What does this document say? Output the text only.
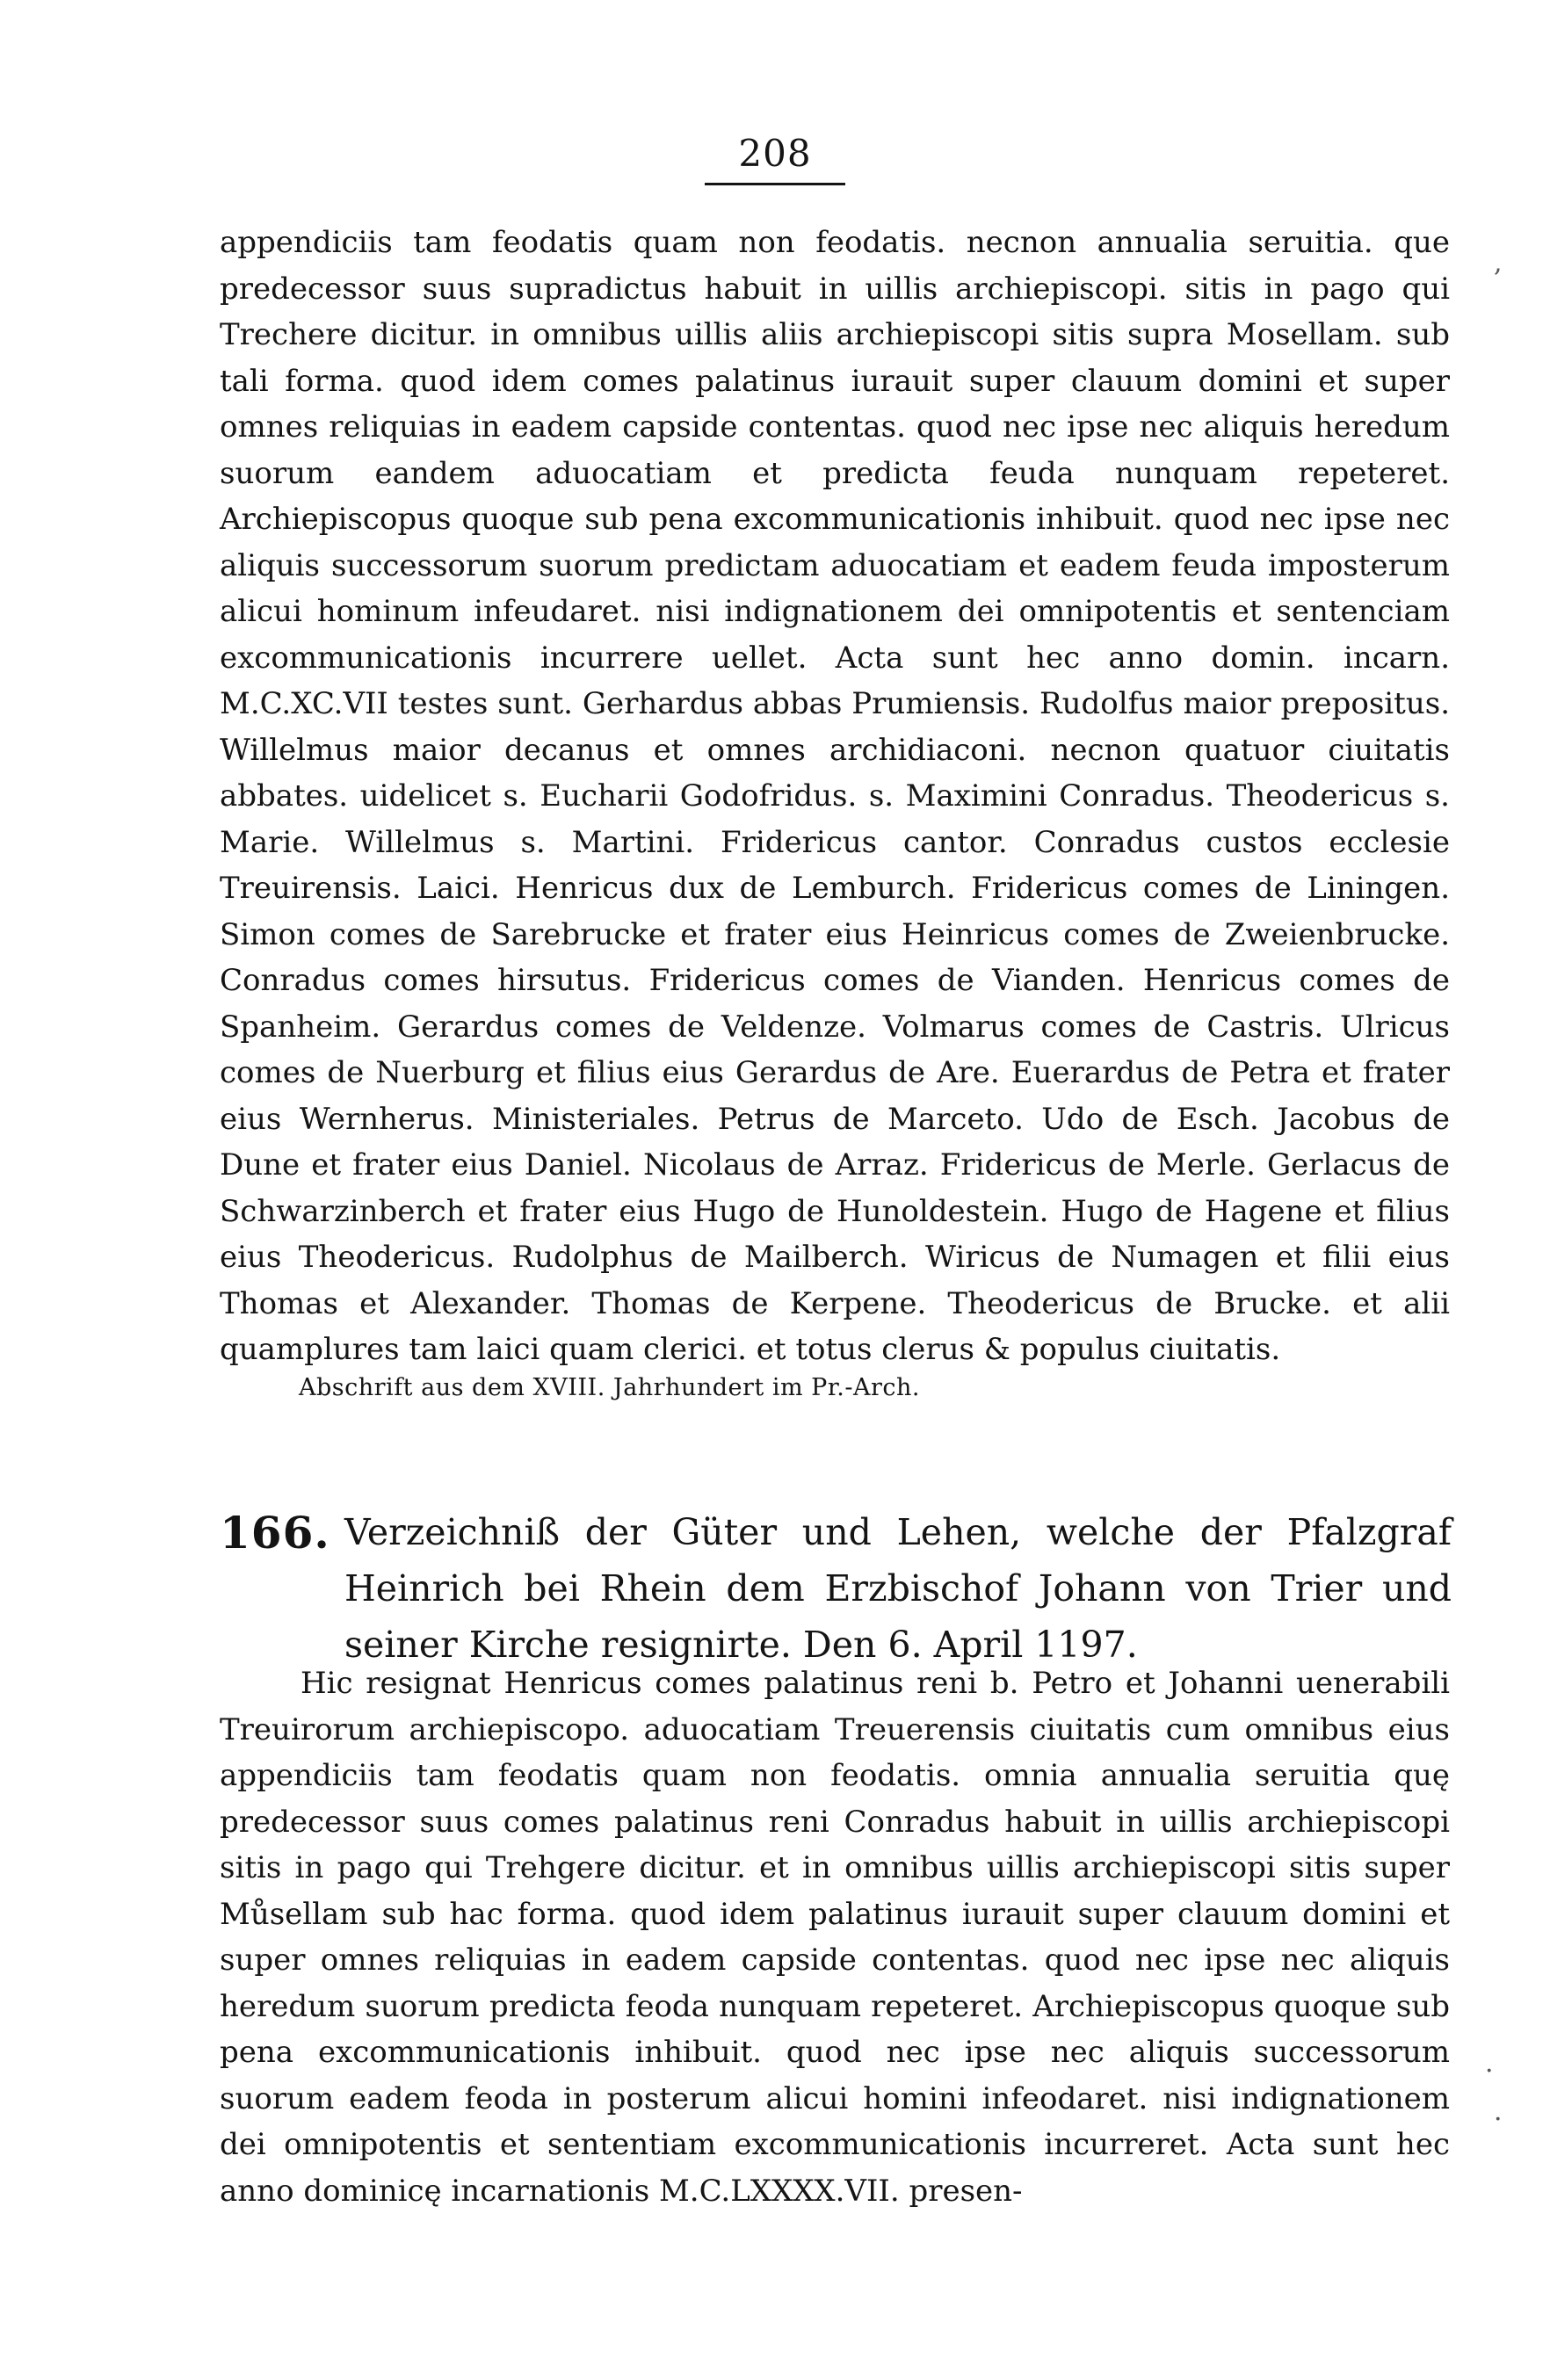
208
appendiciis tam feodatis quam non feodatis. necnon annualia seruitia. que predecessor suus supradictus habuit in uillis archiepiscopi. sitis in pago qui Trechere dicitur. in omnibus uillis aliis archiepiscopi sitis supra Mosellam. sub tali forma. quod idem comes palatinus iurauit super clauum domini et super omnes reliquias in eadem capside contentas. quod nec ipse nec aliquis heredum suorum eandem aduocatiam et predicta feuda nunquam repeteret. Archiepiscopus quoque sub pena excommunicationis inhibuit. quod nec ipse nec aliquis successorum suorum predictam aduocatiam et eadem feuda imposterum alicui hominum infeudaret. nisi indignationem dei omnipotentis et sentenciam excommunicationis incurrere uellet. Acta sunt hec anno domin. incarn. M.C.XC.VII testes sunt. Gerhardus abbas Prumiensis. Rudolfus maior prepositus. Willelmus maior decanus et omnes archidiaconi. necnon quatuor ciuitatis abbates. uidelicet s. Eucharii Godofridus. s. Maximini Conradus. Theodericus s. Marie. Willelmus s. Martini. Fridericus cantor. Conradus custos ecclesie Treuirensis. Laici. Henricus dux de Lemburch. Fridericus comes de Liningen. Simon comes de Sarebrucke et frater eius Heinricus comes de Zweienbrucke. Conradus comes hirsutus. Fridericus comes de Vianden. Henricus comes de Spanheim. Gerardus comes de Veldenze. Volmarus comes de Castris. Ulricus comes de Nuerburg et filius eius Gerardus de Are. Euerardus de Petra et frater eius Wernherus. Ministeriales. Petrus de Marceto. Udo de Esch. Jacobus de Dune et frater eius Daniel. Nicolaus de Arraz. Fridericus de Merle. Gerlacus de Schwarzinberch et frater eius Hugo de Hunoldestein. Hugo de Hagene et filius eius Theodericus. Rudolphus de Mailberch. Wiricus de Numagen et filii eius Thomas et Alexander. Thomas de Kerpene. Theodericus de Brucke. et alii quamplures tam laici quam clerici. et totus clerus & populus ciuitatis.
Abschrift aus dem XVIII. Jahrhundert im Pr.-Arch.
166. Verzeichniß der Güter und Lehen, welche der Pfalzgraf Heinrich bei Rhein dem Erzbischof Johann von Trier und seiner Kirche resignirte. Den 6. April 1197.
Hic resignat Henricus comes palatinus reni b. Petro et Johanni uenerabili Treuirorum archiepiscopo. aduocatiam Treuerensis ciuitatis cum omnibus eius appendiciis tam feodatis quam non feodatis. omnia annualia seruitia quę predecessor suus comes palatinus reni Conradus habuit in uillis archiepiscopi sitis in pago qui Trehgere dicitur. et in omnibus uillis archiepiscopi sitis super Můsellam sub hac forma. quod idem palatinus iurauit super clauum domini et super omnes reliquias in eadem capside contentas. quod nec ipse nec aliquis heredum suorum predicta feoda nunquam repeteret. Archiepiscopus quoque sub pena excommunicationis inhibuit. quod nec ipse nec aliquis successorum suorum eadem feoda in posterum alicui homini infeodaret. nisi indignationem dei omnipotentis et sententiam excommunicationis incurreret. Acta sunt hec anno dominicę incarnationis M.C.LXXXX.VII. presen-
,
·
·
